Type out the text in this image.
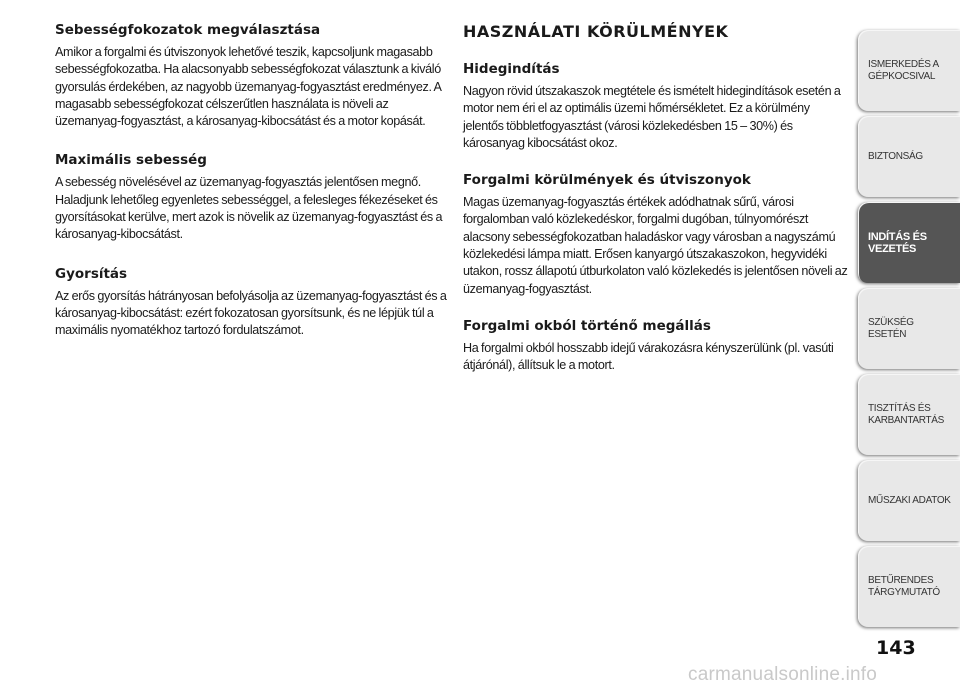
Sebességfokozatok megválasztása

Amikor a forgalmi és útviszonyok lehetővé teszik, kapcsoljunk magasabb sebességfokozatba. Ha alacsonyabb sebességfokozat választunk a kiváló gyorsulás érdekében, az nagyobb üzemanyag-fogyasztást eredményez. A magasabb sebességfokozat célszerűtlen használata is növeli az üzemanyag-fogyasztást, a károsanyag-kibocsátást és a motor kopását.

Maximális sebesség

A sebesség növelésével az üzemanyag-fogyasztás jelentősen megnő. Haladjunk lehetőleg egyenletes sebességgel, a felesleges fékezéseket és gyorsításokat kerülve, mert azok is növelik az üzemanyag-fogyasztást és a károsanyag-kibocsátást.

Gyorsítás

Az erős gyorsítás hátrányosan befolyásolja az üzemanyag-fogyasztást és a károsanyag-kibocsátást: ezért fokozatosan gyorsítsunk, és ne lépjük túl a maximális nyomatékhoz tartozó fordulatszámot.

HASZNÁLATI KÖRÜLMÉNYEK
Hidegindítás

Nagyon rövid útszakaszok megtétele és ismételt hidegindítások esetén a motor nem éri el az optimális üzemi hőmérsékletet. Ez a körülmény jelentős többletfogyasztást (városi közlekedésben 15 – 30%) és károsanyag kibocsátást okoz.

Forgalmi körülmények és útviszonyok

Magas üzemanyag-fogyasztás értékek adódhatnak sűrű, városi forgalomban való közlekedéskor, forgalmi dugóban, túlnyomórészt alacsony sebességfokozatban haladáskor vagy városban a nagyszámú közlekedési lámpa miatt. Erősen kanyargó útszakaszokon, hegyvidéki utakon, rossz állapotú útburkolaton való közlekedés is jelentősen növeli az üzemanyag-fogyasztást.

Forgalmi okból történő megállás

Ha forgalmi okból hosszabb idejű várakozásra kényszerülünk (pl. vasúti átjárónál), állítsuk le a motort.

ISMERKEDÉS A GÉPKOCSIVAL
BIZTONSÁG
INDÍTÁS ÉS VEZETÉS
SZÜKSÉG ESETÉN
TISZTÍTÁS ÉS KARBANTARTÁS
MŰSZAKI ADATOK
BETŰRENDES TÁRGYMUTATÓ
143
carmanualsonline.info
